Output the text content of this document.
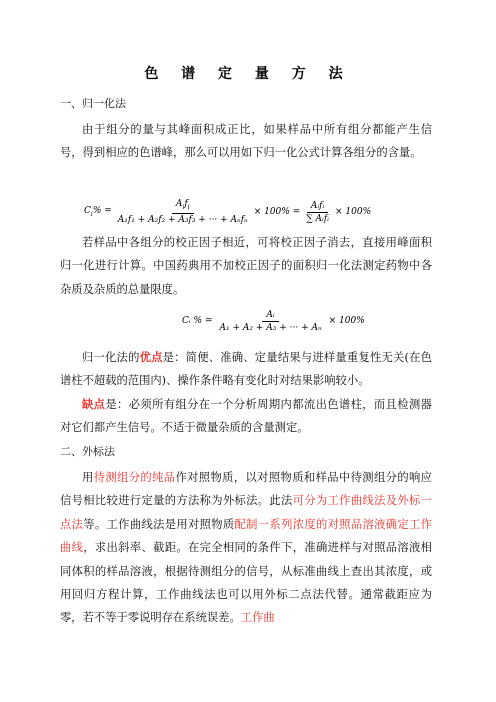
色 谱 定 量 方 法
一、归一化法
由于组分的量与其峰面积成正比，如果样品中所有组分都能产生信号，得到相应的色谱峰，那么可以用如下归一化公式计算各组分的含量。
$C_i\% = \frac{A_if_i}{\text{A₁f₁ + A₂f₂ + A₃f₃ + ··· + Aₙfₙ}} \times 100\% = \frac{\text{Aᵢfᵢ}}{\text{∑ Aᵢfᵢ}} \times 100\%$
若样品中各组分的校正因子相近，可将校正因子消去，直接用峰面积归一化进行计算。中国药典用不加校正因子的面积归一化法测定药物中各杂质及杂质的总量限度。
Cᵢ % = $\frac{\text{Aᵢ}}{\text{A₁ + A₂ + A₃ + ··· + Aₙ}} \times 100\%$
归一化法的优点是：简便、准确、定量结果与进样量重复性无关(在色谱柱不超载的范围内)、操作条件略有变化时对结果影响较小。
缺点是：必须所有组分在一个分析周期内都流出色谱柱，而且检测器对它们都产生信号。不适于微量杂质的含量测定。
二、外标法
用待测组分的纯品作对照物质，以对照物质和样品中待测组分的响应信号相比较进行定量的方法称为外标法。此法可分为工作曲线法及外标一点法等。工作曲线法是用对照物质配制一系列浓度的对照品溶液确定工作曲线，求出斜率、截距。在完全相同的条件下，准确进样与对照品溶液相同体积的样品溶液，根据待测组分的信号，从标准曲线上查出其浓度，或用回归方程计算，工作曲线法也可以用外标二点法代替。通常截距应为零，若不等于零说明存在系统误差。工作曲
